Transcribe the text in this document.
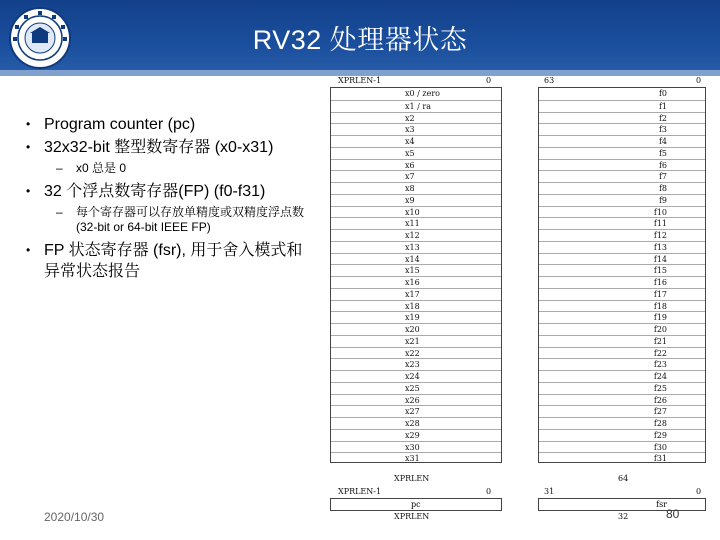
RV32 处理器状态
• Program counter (pc)
• 32x32-bit 整型数寄存器 (x0-x31)
– x0 总是 0
• 32 个浮点数寄存器(FP) (f0-f31)
– 每个寄存器可以存放单精度或双精度浮点数 (32-bit or 64-bit IEEE FP)
• FP 状态寄存器 (fsr), 用于舍入模式和异常状态报告
XPRLEN-1	0	63	0
x0 / zero
x1 / ra
x2
x3
x4
x5
x6
x7
x8
x9
x10
x11
x12
x13
x14
x15
x16
x17
x18
x19
x20
x21
x22
x23
x24
x25
x26
x27
x28
x29
x30
x31
f0
f1
f2
f3
f4
f5
f6
f7
f8
f9
f10
f11
f12
f13
f14
f15
f16
f17
f18
f19
f20
f21
f22
f23
f24
f25
f26
f27
f28
f29
f30
f31
XPRLEN	64
XPRLEN-1	0	31	0
pc	fsr
XPRLEN	32
2020/10/30	80
